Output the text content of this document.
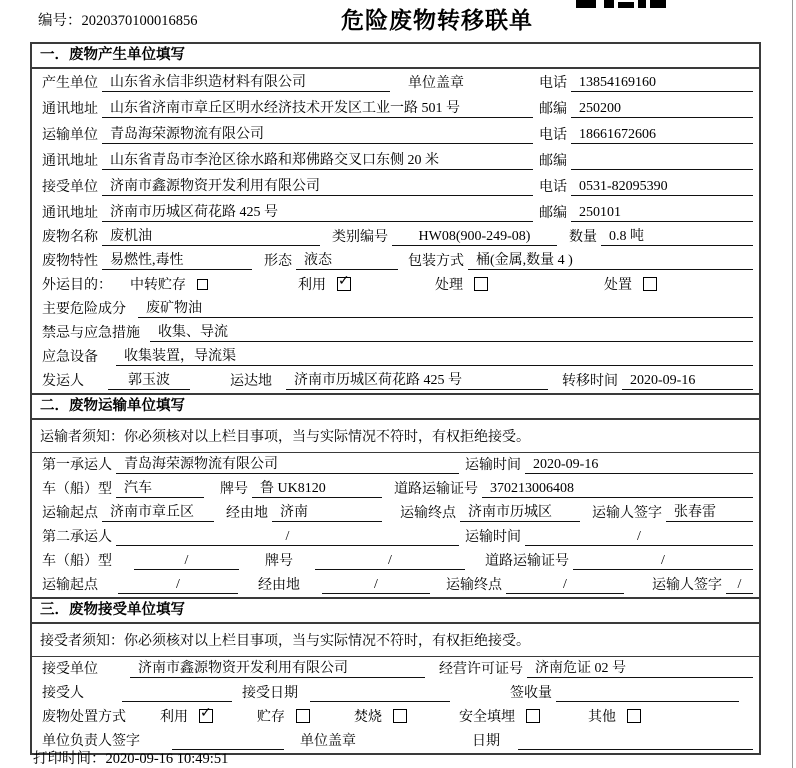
编号：2020370100016856	危险废物转移联单
一．废物产生单位填写
产生单位 山东省永信非织造材料有限公司	单位盖章	电话 13854169160
通讯地址 山东省济南市章丘区明水经济技术开发区工业一路 501 号	邮编 250200
运输单位 青岛海荣源物流有限公司	电话 18661672606
通讯地址 山东省青岛市李沧区徐水路和郑佛路交叉口东侧 20 米	邮编
接受单位 济南市鑫源物资开发利用有限公司	电话 0531-82095390
通讯地址 济南市历城区荷花路 425 号	邮编 250101
废物名称 废机油	类别编号	HW08(900-249-08)	数量 0.8 吨
废物特性 易燃性,毒性	形态 液态	包装方式 桶(金属,数量 4 )
外运目的： 中转贮存	利用 ✓	处理	处置
主要危险成分	废矿物油
禁忌与应急措施	收集、导流
应急设备	收集装置，导流渠
发运人	郭玉波	运达地	济南市历城区荷花路 425 号	转移时间 2020-09-16
二．废物运输单位填写
运输者须知：你必须核对以上栏目事项，当与实际情况不符时，有权拒绝接受。
第一承运人 青岛海荣源物流有限公司	运输时间 2020-09-16
车（船）型 汽车	牌号 鲁 UK8120	道路运输证号 370213006408
运输起点 济南市章丘区	经由地 济南	运输终点 济南市历城区	运输人签字 张春雷
第二承运人	/	运输时间	/
车（船）型	/	牌号	/	道路运输证号	/
运输起点	/	经由地	/	运输终点	/	运输人签字	/
三．废物接受单位填写
接受者须知：你必须核对以上栏目事项，当与实际情况不符时，有权拒绝接受。
接受单位	济南市鑫源物资开发利用有限公司	经营许可证号 济南危证 02 号
接受人	接受日期	签收量
废物处置方式 利用 ✓	贮存	焚烧	安全填埋	其他
单位负责人签字	单位盖章	日期
打印时间：2020-09-16 10:49:51
